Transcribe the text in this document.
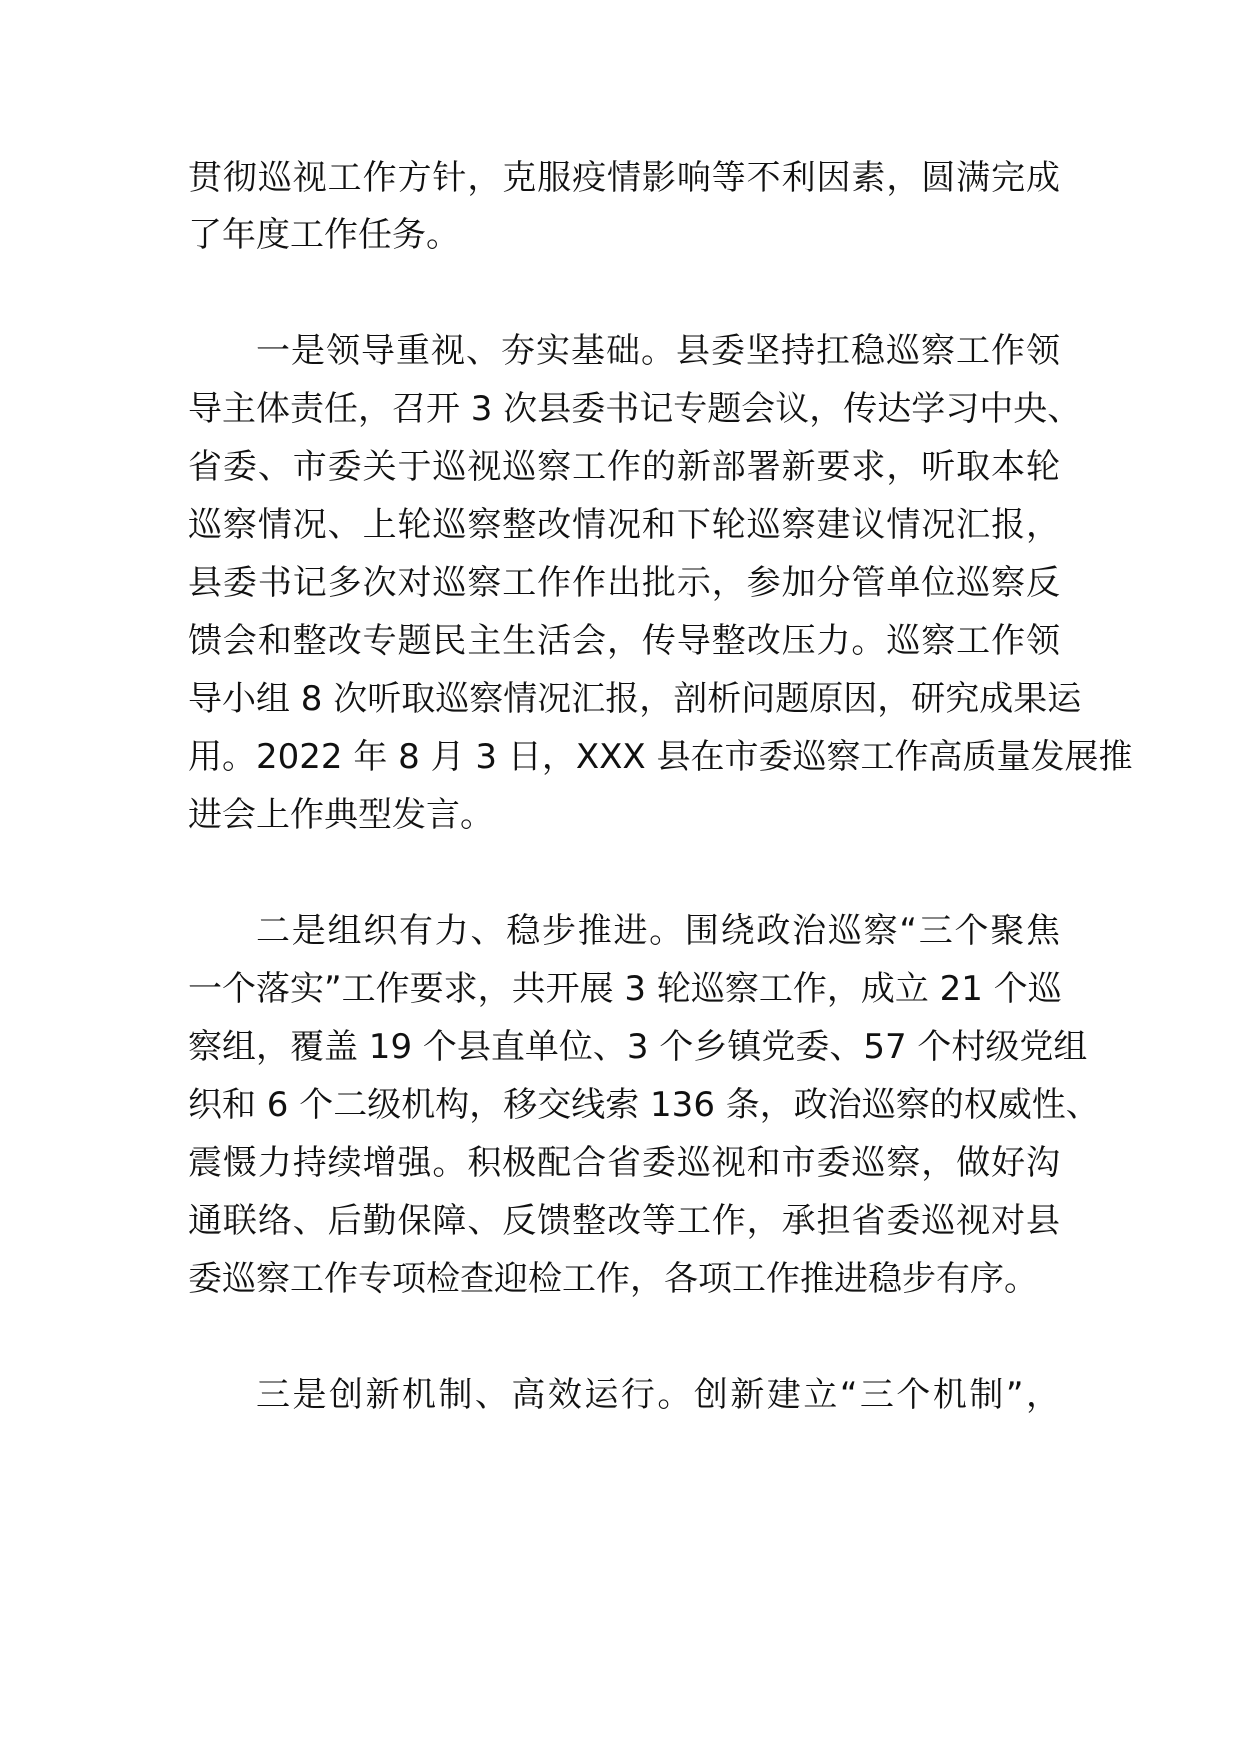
贯彻巡视工作方针，克服疫情影响等不利因素，圆满完成
了年度工作任务。
一是领导重视、夯实基础。县委坚持扛稳巡察工作领
导主体责任，召开 3 次县委书记专题会议，传达学习中央、
省委、市委关于巡视巡察工作的新部署新要求，听取本轮
巡察情况、上轮巡察整改情况和下轮巡察建议情况汇报，
县委书记多次对巡察工作作出批示，参加分管单位巡察反
馈会和整改专题民主生活会，传导整改压力。巡察工作领
导小组 8 次听取巡察情况汇报，剖析问题原因，研究成果运
用。2022 年 8 月 3 日，XXX 县在市委巡察工作高质量发展推
进会上作典型发言。
二是组织有力、稳步推进。围绕政治巡察“三个聚焦
一个落实”工作要求，共开展 3 轮巡察工作，成立 21 个巡
察组，覆盖 19 个县直单位、3 个乡镇党委、57 个村级党组
织和 6 个二级机构，移交线索 136 条，政治巡察的权威性、
震慑力持续增强。积极配合省委巡视和市委巡察，做好沟
通联络、后勤保障、反馈整改等工作，承担省委巡视对县
委巡察工作专项检查迎检工作，各项工作推进稳步有序。
三是创新机制、高效运行。创新建立“三个机制”，
